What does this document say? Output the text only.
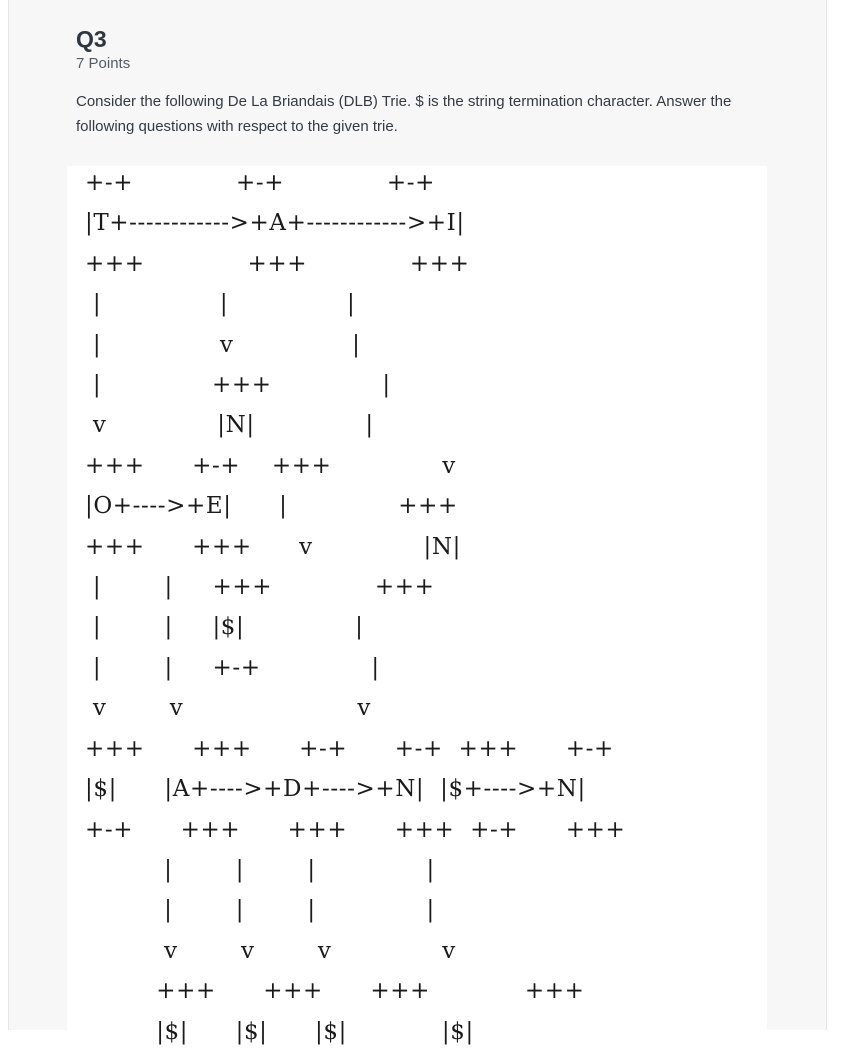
Q3
7 Points

Consider the following De La Briandais (DLB) Trie. $ is the string termination character. Answer the following questions with respect to the given trie.

+-+             +-+             +-+
|T+------------>+A+------------>+I|
+++             +++             +++
|               |               |
|               v               |
|              +++              |
v              |N|              |
+++      +-+    +++              v
|O+---->+E|      |              +++
+++      +++      v              |N|
|        |     +++             +++
|        |     |$|              |
|        |     +-+              |
v        v                      v
+++      +++      +-+      +-+  +++      +-+
|$|      |A+---->+D+---->+N|  |$+---->+N|
+-+      +++      +++      +++  +-+      +++
|        |        |              |
|        |        |              |
v        v        v              v
+++      +++      +++            +++
|$|      |$|      |$|            |$|
